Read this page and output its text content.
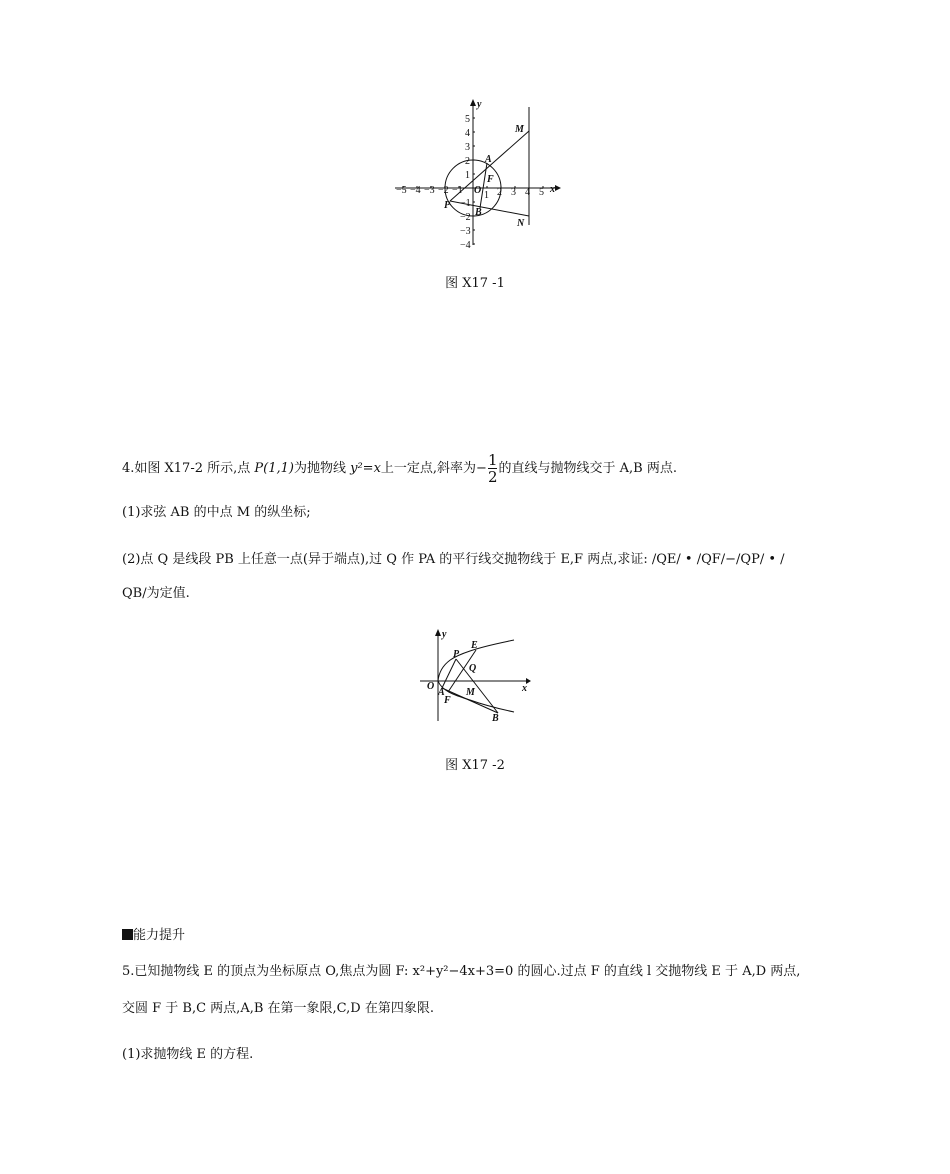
−5 −4 −3 −2 −1 1 2 3 4 5
5
4
3
2
1
−1
−2
−3
−4
x
y
O
M
A
F
P
B
N
图 X17 -1
4.如图 X17-2 所示,点 P(1,1)为抛物线 y²=x上一定点,斜率为− $\frac{1}{2}$ 的直线与抛物线交于 A,B 两点.
(1)求弦 AB 的中点 M 的纵坐标;
(2)点 Q 是线段 PB 上任意一点(异于端点),过 Q 作 PA 的平行线交抛物线于 E,F 两点,求证: /QE/ • /QF/−/QP/ • /
QB/为定值.
x
y
O
E
P
Q
A
F
M
B
图 X17 -2
能力提升
5.已知抛物线 E 的顶点为坐标原点 O,焦点为圆 F: x²+y²−4x+3=0 的圆心.过点 F 的直线 l 交抛物线 E 于 A,D 两点,
交圆 F 于 B,C 两点,A,B 在第一象限,C,D 在第四象限.
(1)求抛物线 E 的方程.
